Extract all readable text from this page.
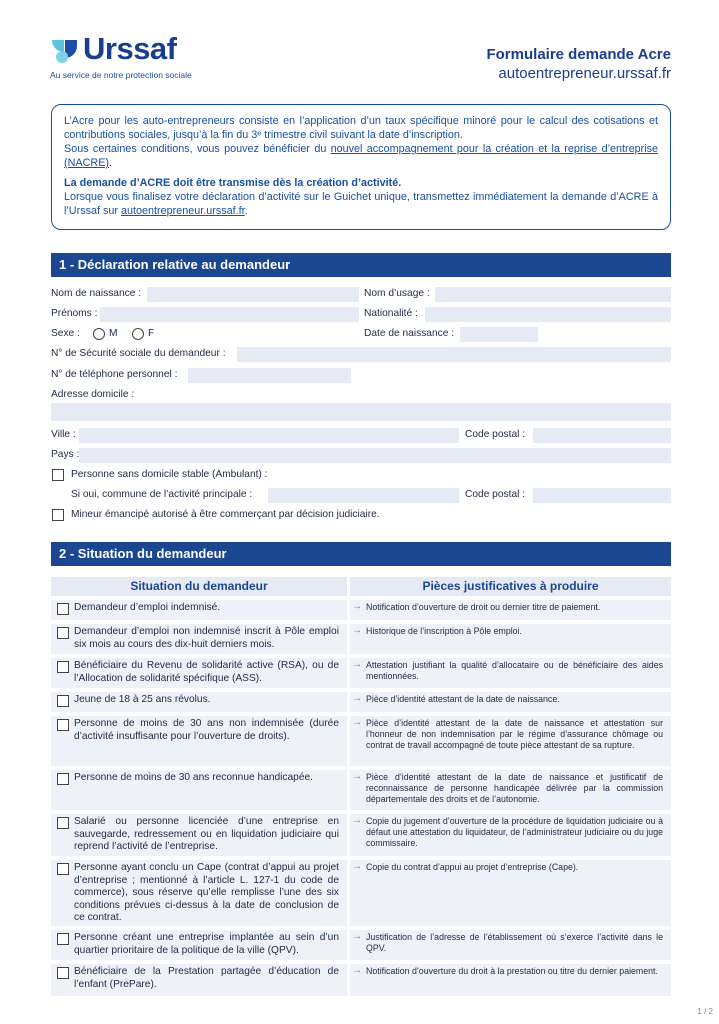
Urssaf
Au service de notre protection sociale
Formulaire demande Acre
autoentrepreneur.urssaf.fr

L’Acre pour les auto-entrepreneurs consiste en l’application d’un taux spécifique minoré pour le calcul des cotisations et contributions sociales, jusqu’à la fin du 3ᵉ trimestre civil suivant la date d’inscription.

Sous certaines conditions, vous pouvez bénéficier du nouvel accompagnement pour la création et la reprise d’entreprise (NACRE).

La demande d’ACRE doit être transmise dès la création d’activité.

Lorsque vous finalisez votre déclaration d’activité sur le Guichet unique, transmettez immédiatement la demande d’ACRE à l’Urssaf sur autoentrepreneur.urssaf.fr.

1 - Déclaration relative au demandeur
Nom de naissance :	Nom d’usage :
Prénoms :	Nationalité :
Sexe :	M	F	Date de naissance :
N° de Sécurité sociale du demandeur :
N° de téléphone personnel :
Adresse domicile :
Ville :	Code postal :
Pays :
Personne sans domicile stable (Ambulant) :
Si oui, commune de l’activité principale :	Code postal :
Mineur émancipé autorisé à être commerçant par décision judiciaire.
2 - Situation du demandeur
Situation du demandeur	Pièces justificatives à produire
Demandeur d’emploi indemnisé.	→ Notification d’ouverture de droit ou dernier titre de paiement.
Demandeur d’emploi non indemnisé inscrit à Pôle emploi six mois au cours des dix-huit derniers mois.
→ Historique de l’inscription à Pôle emploi.
Bénéficiaire du Revenu de solidarité active (RSA), ou de l’Allocation de solidarité spécifique (ASS).
→ Attestation justifiant la qualité d’allocataire ou de bénéficiaire des aides mentionnées.
Jeune de 18 à 25 ans révolus.	→ Pièce d’identité attestant de la date de naissance.
Personne de moins de 30 ans non indemnisée (durée d’activité insuffisante pour l’ouverture de droits).
→ Pièce d’identité attestant de la date de naissance et attestation sur l’honneur de non indemnisation par le régime d’assurance chômage ou contrat de travail accompagné de toute pièce attestant de sa rupture.
Personne de moins de 30 ans reconnue handicapée.	→ Pièce d’identité attestant de la date de naissance et justificatif de reconnaissance de personne handicapée délivrée par la commission départementale des droits et de l’autonomie.
Salarié ou personne licenciée d’une entreprise en sauvegarde, redressement ou en liquidation judiciaire qui reprend l’activité de l’entreprise.
→ Copie du jugement d’ouverture de la procédure de liquidation judiciaire ou à défaut une attestation du liquidateur, de l’administrateur judiciaire ou du juge commissaire.
Personne ayant conclu un Cape (contrat d’appui au projet d’entreprise ; mentionné à l’article L. 127-1 du code de commerce), sous réserve qu’elle remplisse l’une des six conditions prévues ci-dessus à la date de conclusion de ce contrat.
→ Copie du contrat d’appui au projet d’entreprise (Cape).
Personne créant une entreprise implantée au sein d’un quartier prioritaire de la politique de la ville (QPV).
→ Justification de l’adresse de l’établissement où s’exerce l’activité dans le QPV.
Bénéficiaire de la Prestation partagée d’éducation de l’enfant (PrePare).
→ Notification d’ouverture du droit à la prestation ou titre du dernier paiement.
1 / 2
